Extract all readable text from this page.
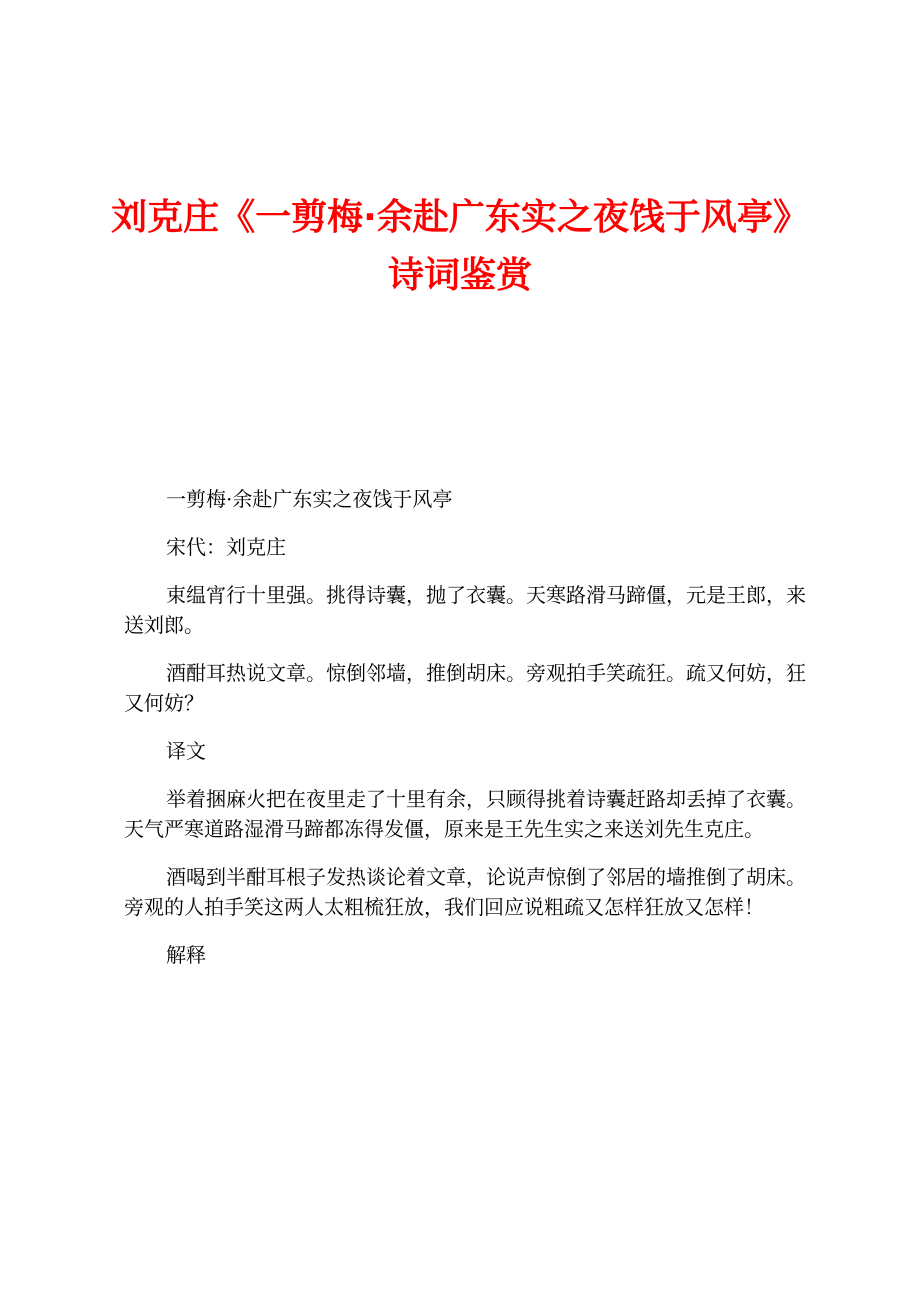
刘克庄《一剪梅·余赴广东实之夜饯于风亭》
诗词鉴赏

一剪梅·余赴广东实之夜饯于风亭

宋代：刘克庄

束缊宵行十里强。挑得诗囊，抛了衣囊。天寒路滑马蹄僵，元是王郎，来送刘郎。

酒酣耳热说文章。惊倒邻墙，推倒胡床。旁观拍手笑疏狂。疏又何妨，狂又何妨？

译文

举着捆麻火把在夜里走了十里有余，只顾得挑着诗囊赶路却丢掉了衣囊。天气严寒道路湿滑马蹄都冻得发僵，原来是王先生实之来送刘先生克庄。

酒喝到半酣耳根子发热谈论着文章，论说声惊倒了邻居的墙推倒了胡床。旁观的人拍手笑这两人太粗梳狂放，我们回应说粗疏又怎样狂放又怎样！

解释
